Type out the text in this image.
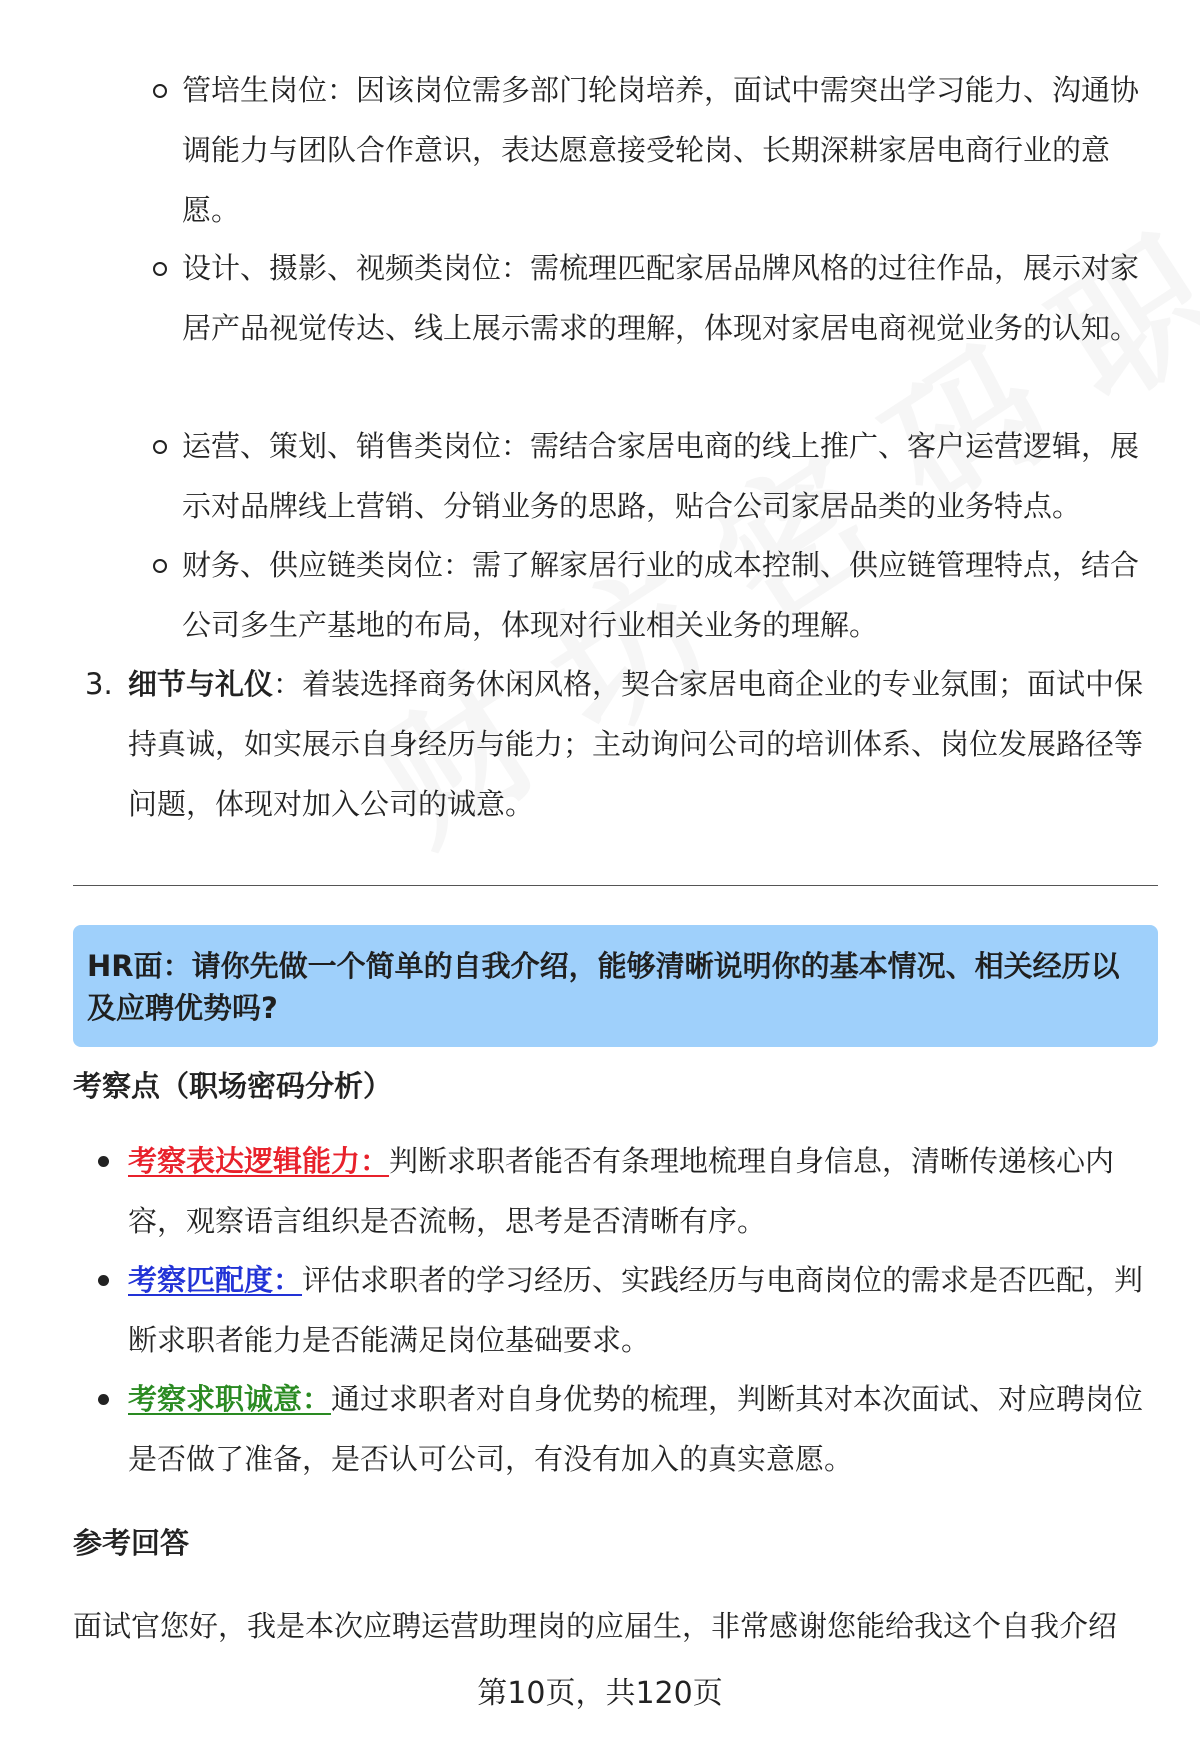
管培生岗位：因该岗位需多部门轮岗培养，面试中需突出学习能力、沟通协调能力与团队合作意识，表达愿意接受轮岗、长期深耕家居电商行业的意愿。
设计、摄影、视频类岗位：需梳理匹配家居品牌风格的过往作品，展示对家居产品视觉传达、线上展示需求的理解，体现对家居电商视觉业务的认知。
运营、策划、销售类岗位：需结合家居电商的线上推广、客户运营逻辑，展示对品牌线上营销、分销业务的思路，贴合公司家居品类的业务特点。
财务、供应链类岗位：需了解家居行业的成本控制、供应链管理特点，结合公司多生产基地的布局，体现对行业相关业务的理解。
3. 细节与礼仪：着装选择商务休闲风格，契合家居电商企业的专业氛围；面试中保持真诚，如实展示自身经历与能力；主动询问公司的培训体系、岗位发展路径等问题，体现对加入公司的诚意。
HR面：请你先做一个简单的自我介绍，能够清晰说明你的基本情况、相关经历以及应聘优势吗?
考察点（职场密码分析）
考察表达逻辑能力：判断求职者能否有条理地梳理自身信息，清晰传递核心内容，观察语言组织是否流畅，思考是否清晰有序。
考察匹配度：评估求职者的学习经历、实践经历与电商岗位的需求是否匹配，判断求职者能力是否能满足岗位基础要求。
考察求职诚意：通过求职者对自身优势的梳理，判断其对本次面试、对应聘岗位是否做了准备，是否认可公司，有没有加入的真实意愿。
参考回答
面试官您好，我是本次应聘运营助理岗的应届生，非常感谢您能给我这个自我介绍
第10页，共120页
